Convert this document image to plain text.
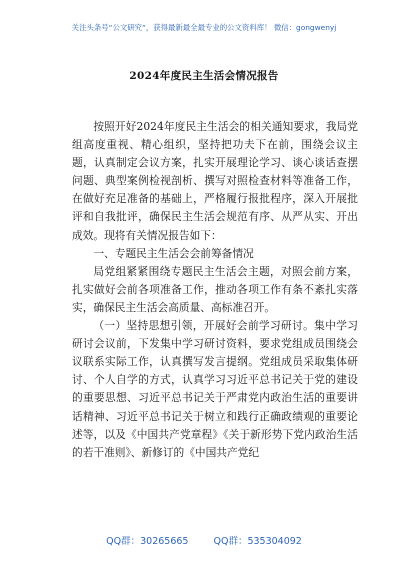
关注头条号“公文研究”，获得最新最全最专业的公文资料库！ 微信：gongwenyj
2024年度民主生活会情况报告

按照开好2024年度民主生活会的相关通知要求，我局党组高度重视、精心组织，坚持把功夫下在前，围绕会议主题，认真制定会议方案，扎实开展理论学习、谈心谈话查摆问题、典型案例检视剖析、撰写对照检查材料等准备工作，在做好充足准备的基础上，严格履行报批程序，深入开展批评和自我批评，确保民主生活会规范有序、从严从实、开出成效。现将有关情况报告如下：

一、专题民主生活会会前筹备情况

局党组紧紧围绕专题民主生活会主题，对照会前方案，扎实做好会前各项准备工作，推动各项工作有条不紊扎实落实，确保民主生活会高质量、高标准召开。

（一）坚持思想引领，开展好会前学习研讨。集中学习研讨会议前，下发集中学习研讨资料，要求党组成员围绕会议联系实际工作，认真撰写发言提纲。党组成员采取集体研讨、个人自学的方式，认真学习习近平总书记关于党的建设的重要思想、习近平总书记关于严肃党内政治生活的重要讲话精神、习近平总书记关于树立和践行正确政绩观的重要论述等，以及《中国共产党章程》《关于新形势下党内政治生活的若干准则》、新修订的《中国共产党纪

QQ群：30265665 QQ群：535304092
